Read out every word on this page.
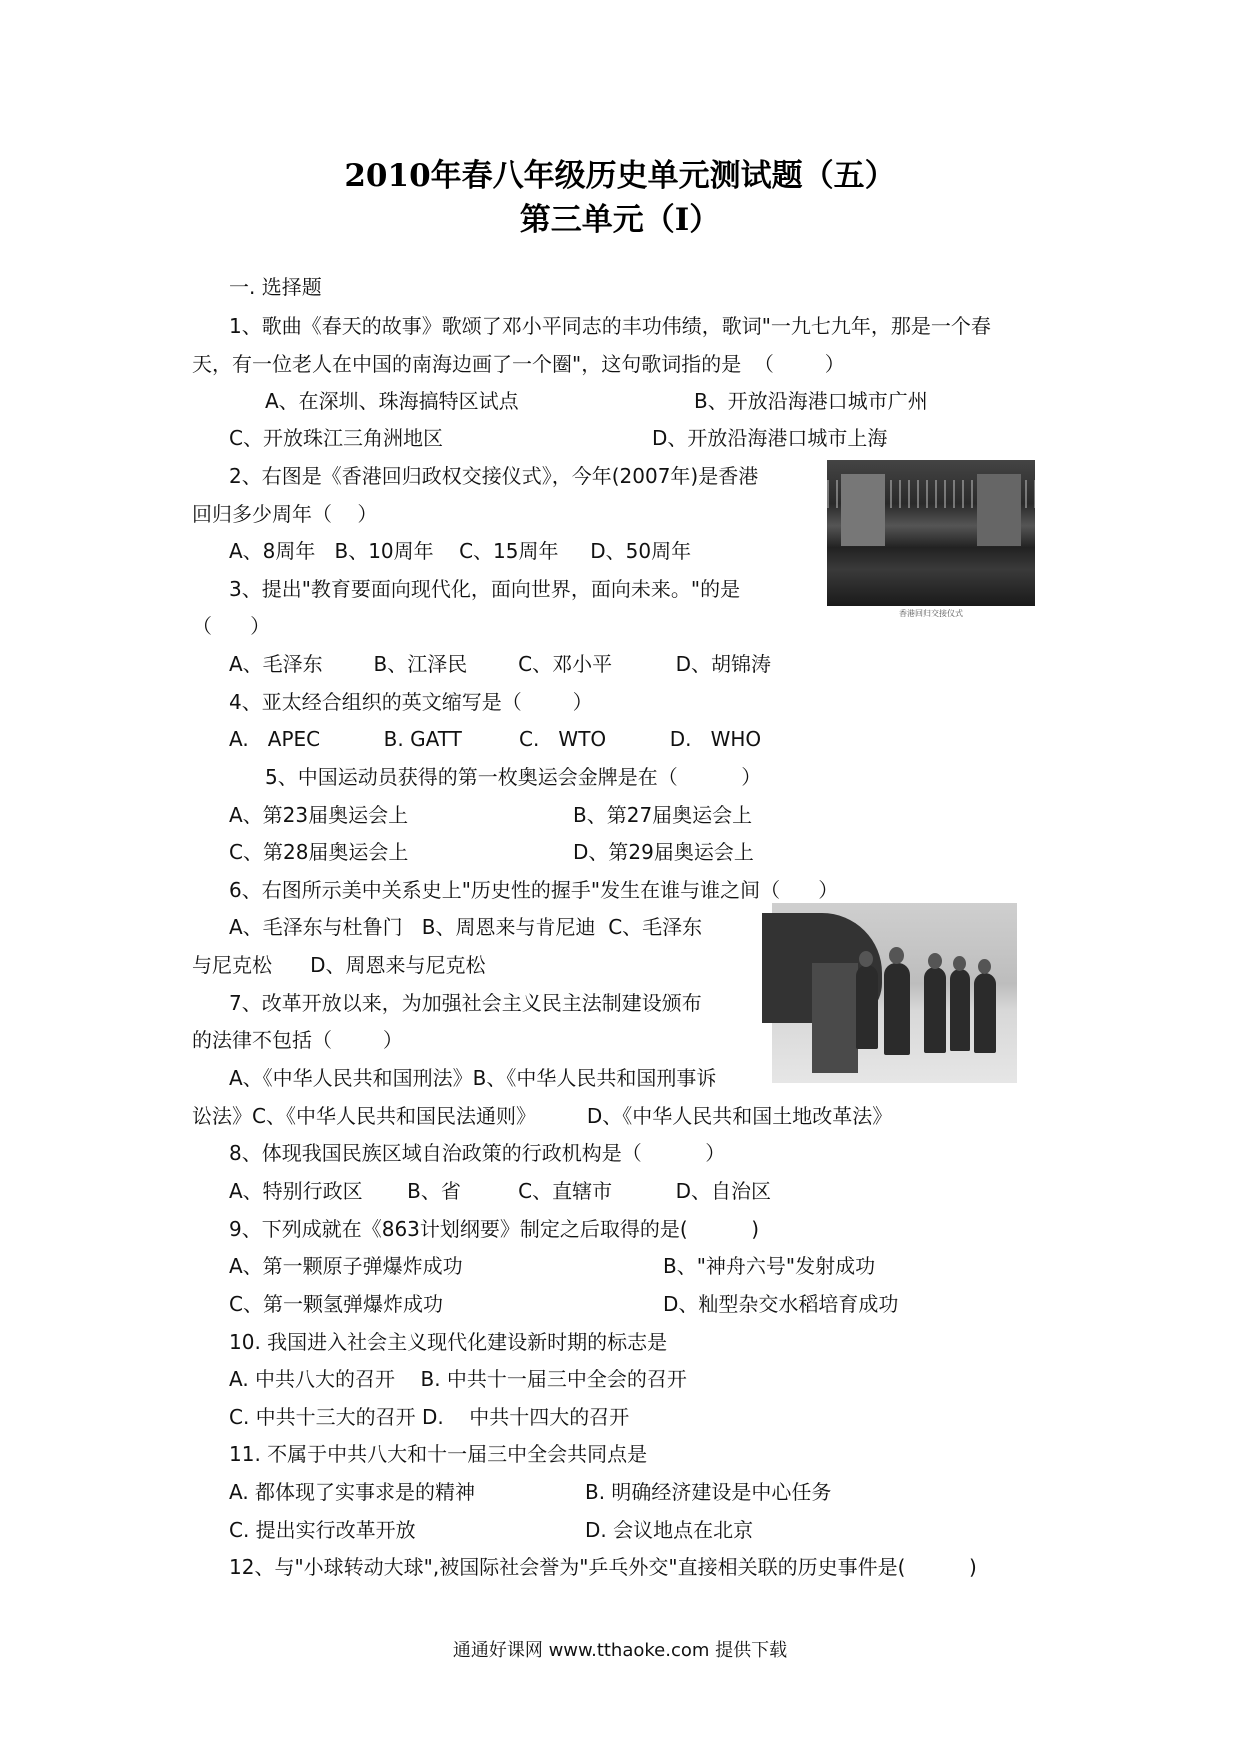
2010年春八年级历史单元测试题（五）
第三单元（Ⅰ）
一. 选择题
1、歌曲《春天的故事》歌颂了邓小平同志的丰功伟绩，歌词"一九七九年，那是一个春
天，有一位老人在中国的南海边画了一个圈"，这句歌词指的是  （        ）
A、在深圳、珠海搞特区试点	B、开放沿海港口城市广州
C、开放珠江三角洲地区	D、开放沿海港口城市上海
2、右图是《香港回归政权交接仪式》，今年(2007年)是香港
回归多少周年（    ）
A、8周年   B、10周年    C、15周年     D、50周年
3、提出"教育要面向现代化，面向世界，面向未来。"的是
（      ）
A、毛泽东        B、江泽民        C、邓小平          D、胡锦涛
4、亚太经合组织的英文缩写是（        ）
A.   APEC          B. GATT         C.   WTO          D.   WHO
5、中国运动员获得的第一枚奥运会金牌是在（          ）
A、第23届奥运会上	B、第27届奥运会上
C、第28届奥运会上	D、第29届奥运会上
6、右图所示美中关系史上"历史性的握手"发生在谁与谁之间（      ）
A、毛泽东与杜鲁门   B、周恩来与肯尼迪  C、毛泽东
与尼克松      D、周恩来与尼克松
7、改革开放以来，为加强社会主义民主法制建设颁布
的法律不包括（        ）
A、《中华人民共和国刑法》B、《中华人民共和国刑事诉
讼法》C、《中华人民共和国民法通则》        D、《中华人民共和国土地改革法》
8、体现我国民族区域自治政策的行政机构是（          ）
A、特别行政区       B、省         C、直辖市          D、自治区
9、下列成就在《863计划纲要》制定之后取得的是(          )
A、第一颗原子弹爆炸成功	B、"神舟六号"发射成功
C、第一颗氢弹爆炸成功	D、籼型杂交水稻培育成功
10. 我国进入社会主义现代化建设新时期的标志是
A. 中共八大的召开    B. 中共十一届三中全会的召开
C. 中共十三大的召开 D.    中共十四大的召开
11. 不属于中共八大和十一届三中全会共同点是
A. 都体现了实事求是的精神	B. 明确经济建设是中心任务
C. 提出实行改革开放	D. 会议地点在北京
12、与"小球转动大球",被国际社会誉为"乒乓外交"直接相关联的历史事件是(          )
香港回归交接仪式
通通好课网 www.tthaoke.com 提供下载
